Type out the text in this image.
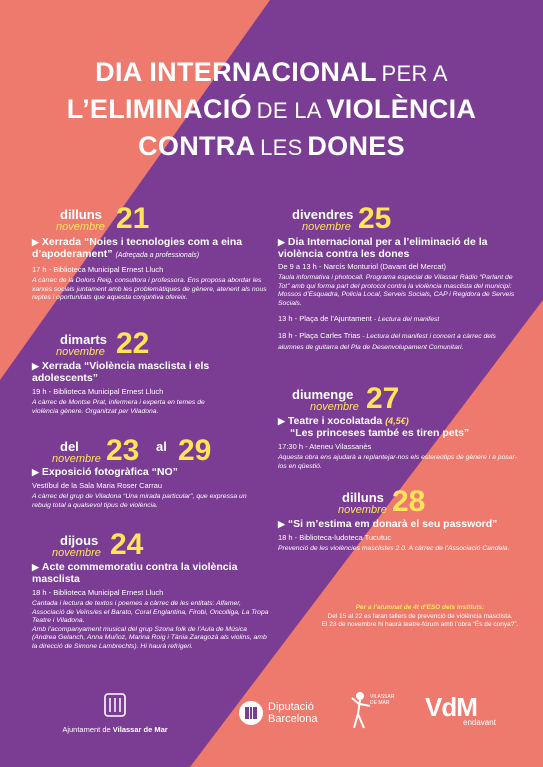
DIA INTERNACIONAL PER A
L’ELIMINACIÓ DE LA VIOLÈNCIA
CONTRA LES DONES
dilluns
novembre 21
▶ Xerrada “Noies i tecnologies com a eina d’apoderament” (Adreçada a professionals)
17 h - Biblioteca Municipal Ernest Lluch
A càrrec de la Dolors Reig, consultora i professora. Ens proposa abordar les xarxes socials juntament amb les problemàtiques de gènere, atenent als nous reptes i oportunitats que aquesta conjuntiva ofereix.
dimarts
novembre 22
▶ Xerrada “Violència masclista i els adolescents”
19 h - Biblioteca Municipal Ernest Lluch
A càrrec de Montse Prat, infermera i experta en temes de violència gènere. Organitzat per Viladona.
del
novembre 23 al 29
▶ Exposició fotogràfica “NO”
Vestíbul de la Sala Maria Roser Carrau
A càrrec del grup de Viladona “Una mirada particular”, que expressa un rebuig total a qualsevol tipus de violència.
dijous
novembre 24
▶ Acte commemoratiu contra la violència masclista
18 h - Biblioteca Municipal Ernest Lluch
Cantada i lectura de textos i poemes a càrrec de les entitats: Alfamer, Associació de Veïns/es el Barato, Coral Englantina, Firobi, Oncolliga, La Tropa Teatre i Viladona.
Amb l’acompanyament musical del grup Szona folk de l’Aula de Música (Andrea Gelanch, Anna Muñoz, Marina Roig i Tània Zaragozà als violins, amb la direcció de Simone Lambrechts). Hi haurà refrigeri.
divendres
novembre 25
▶ Dia Internacional per a l’eliminació de la violència contra les dones
De 9 a 13 h - Narcís Monturiol (Davant del Mercat)
Taula informativa i photocall. Programa especial de Vilassar Ràdio “Parlant de Tot” amb qui forma part del protocol contra la violència masclista del municipi: Mossos d’Esquadra, Policia Local, Serveis Socials, CAP i Regidora de Serveis Socials.
13 h - Plaça de l’Ajuntament - Lectura del manifest
18 h - Plaça Carles Trias - Lectura del manifest i concert a càrrec dels alumnes de guitarra del Pla de Desenvolupament Comunitari.
diumenge
novembre 27
▶ Teatre i xocolatada (4,5€)
“Les princeses també es tiren pets”
17:30 h - Ateneu Vilassanès
Aquesta obra ens ajudarà a replantejar-nos els estereotips de gènere i a posar-los en qüestió.
dilluns
novembre 28
▶ “Si m’estima em donarà el seu password”
18 h - Biblioteca-ludoteca Tucutuc
Prevenció de les violències masclistes 2.0. A càrrec de l’Associació Candela.
Per a l’alumnat de 4t d’ESO dels instituts:
Del 15 al 22 es faran tallers de prevenció de violència masclista.
El 23 de novembre hi haurà teatre-fòrum amb l’obra “És de conya?”.
Ajuntament de Vilassar de Mar
Diputació
Barcelona
VILASSAR
DE MAR VdM
endavant
